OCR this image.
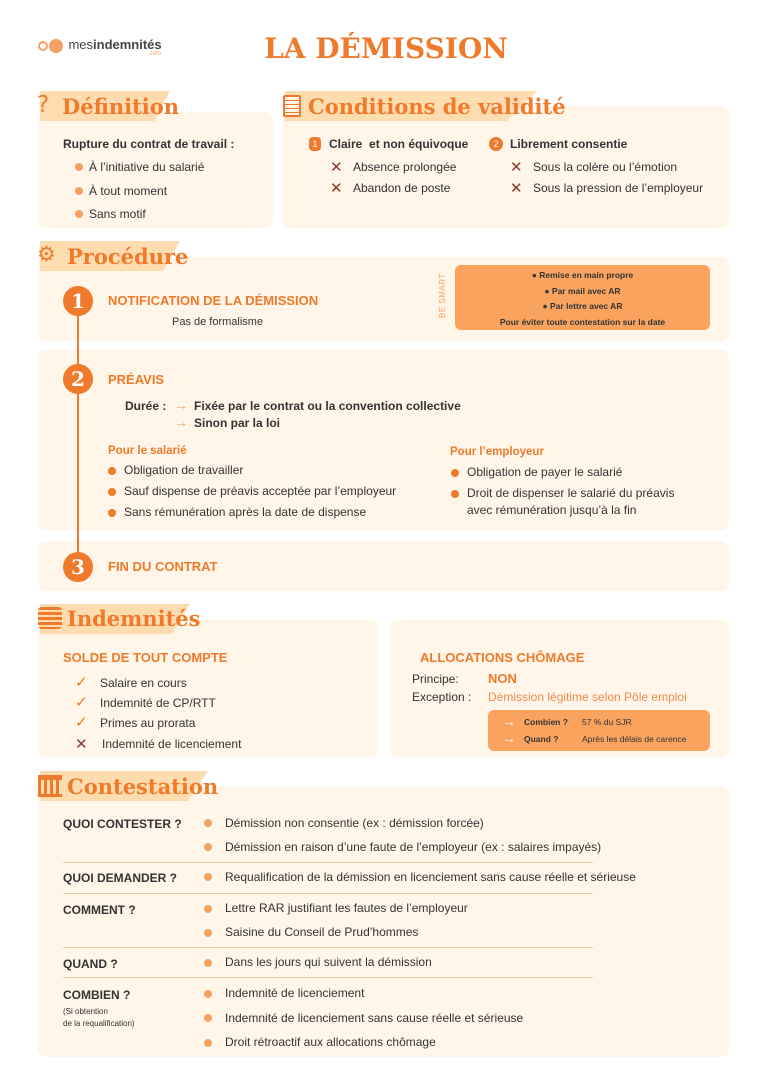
mesindemnités
.com	LA DÉMISSION
? Définition
Rupture du contrat de travail :
À l’initiative du salarié
À tout moment
Sans motif
Conditions de validité
1 Claire  et non équivoque
✕ Absence prolongée
✕ Abandon de poste
2 Librement consentie
✕ Sous la colère ou l’émotion
✕ Sous la pression de l’employeur
⚙ Procédure
1
2
3
NOTIFICATION DE LA DÉMISSION
Pas de formalisme
BE SMART	● Remise en main propre
● Par mail avec AR
● Par lettre avec AR
Pour éviter toute contestation sur la date
PRÉAVIS
Durée : → Fixée par le contrat ou la convention collective
→ Sinon par la loi
Pour le salarié
Obligation de travailler
Sauf dispense de préavis acceptée par l’employeur
Sans rémunération après la date de dispense
Pour l’employeur
Obligation de payer le salarié
Droit de dispenser le salarié du préavis
avec rémunération jusqu’à la fin
FIN DU CONTRAT
Indemnités
SOLDE DE TOUT COMPTE
✓ Salaire en cours
✓ Indemnité de CP/RTT
✓ Primes au prorata
✕ Indemnité de licenciement
ALLOCATIONS CHÔMAGE
Principe: NON
Exception : Démission légitime selon Pôle emploi
→ Combien ? 57 % du SJR
→ Quand ?	Après les délais de carence
Contestation
QUOI CONTESTER ?	Démission non consentie (ex : démission forcée)
Démission en raison d’une faute de l’employeur (ex : salaires impayés)
QUOI DEMANDER ?	Requalification de la démission en licenciement sans cause réelle et sérieuse
COMMENT ?	Lettre RAR justifiant les fautes de l’employeur
Saisine du Conseil de Prud’hommes
QUAND ?	Dans les jours qui suivent la démission
COMBIEN ?
(Si obtention
de la requalification)
Indemnité de licenciement
Indemnité de licenciement sans cause réelle et sérieuse
Droit rétroactif aux allocations chômage
